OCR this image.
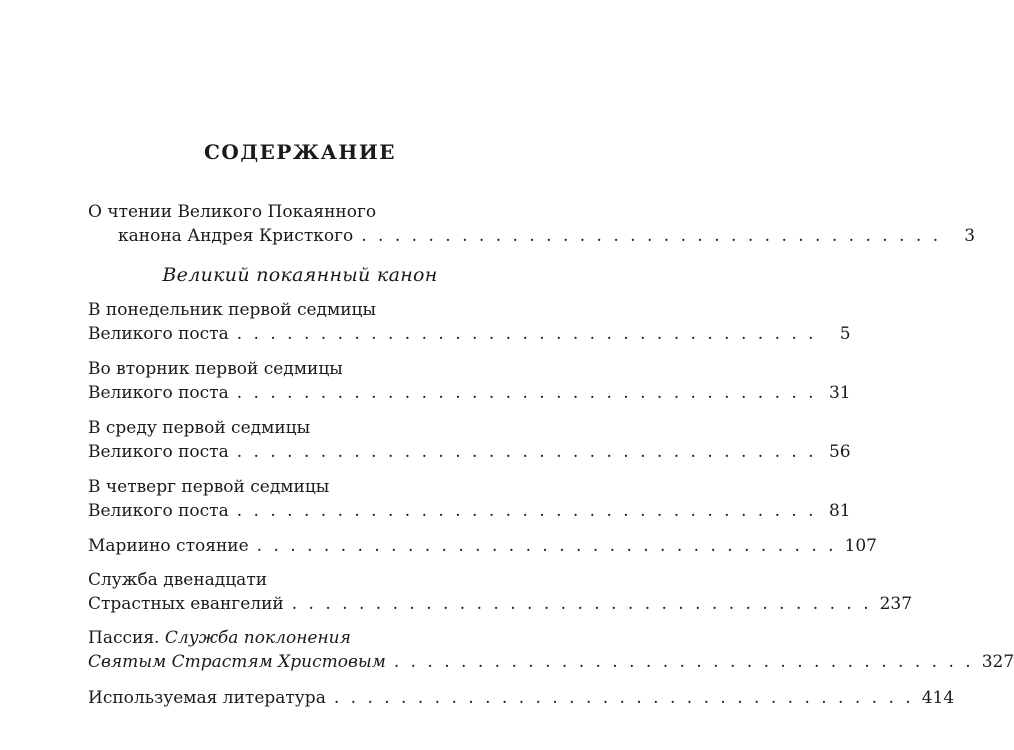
СОДЕРЖАНИЕ
О чтении Великого Покаянного
канона Андрея Кристкого . . . . . . . . . . . . . . . . . . . . . . . . . . . . . . . . . . .	3
Великий покаянный канон
В понедельник первой седмицы
Великого поста . . . . . . . . . . . . . . . . . . . . . . . . . . . . . . . . . . .	5
Во вторник первой седмицы
Великого поста . . . . . . . . . . . . . . . . . . . . . . . . . . . . . . . . . . . 31
В среду первой седмицы
Великого поста . . . . . . . . . . . . . . . . . . . . . . . . . . . . . . . . . . . 56
В четверг первой седмицы
Великого поста . . . . . . . . . . . . . . . . . . . . . . . . . . . . . . . . . . . 81
Мариино стояние . . . . . . . . . . . . . . . . . . . . . . . . . . . . . . . . . . . 107
Служба двенадцати
Страстных евангелий . . . . . . . . . . . . . . . . . . . . . . . . . . . . . . . . . . . 237
Пассия. Служба поклонения
Святым Страстям Христовым . . . . . . . . . . . . . . . . . . . . . . . . . . . . . . . . . . . 327
Используемая литература . . . . . . . . . . . . . . . . . . . . . . . . . . . . . . . . . . . 414
